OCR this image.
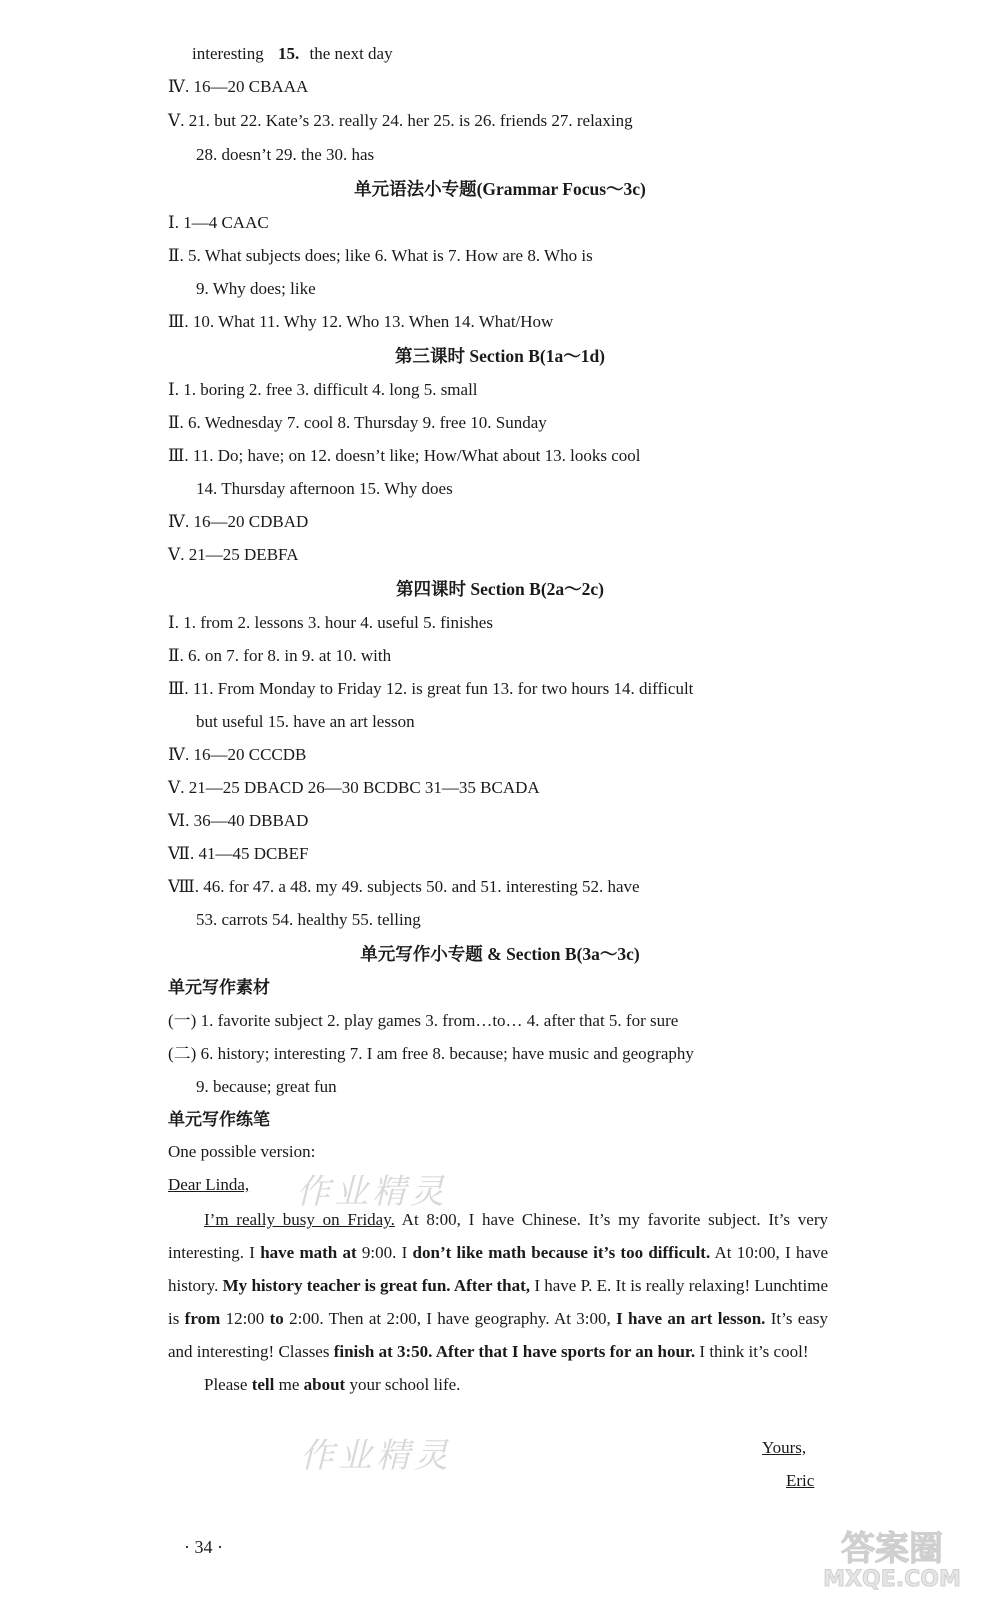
interesting 15. the next day
Ⅳ. 16—20 CBAAA
Ⅴ. 21. but 22. Kate’s 23. really 24. her 25. is 26. friends 27. relaxing
28. doesn’t 29. the 30. has
单元语法小专题(Grammar Focus～3c)
Ⅰ. 1—4 CAAC
Ⅱ. 5. What subjects does; like 6. What is 7. How are 8. Who is
9. Why does; like
Ⅲ. 10. What 11. Why 12. Who 13. When 14. What/How
第三课时 Section B(1a～1d)
Ⅰ. 1. boring 2. free 3. difficult 4. long 5. small
Ⅱ. 6. Wednesday 7. cool 8. Thursday 9. free 10. Sunday
Ⅲ. 11. Do; have; on 12. doesn’t like; How/What about 13. looks cool
14. Thursday afternoon 15. Why does
Ⅳ. 16—20 CDBAD
Ⅴ. 21—25 DEBFA
第四课时 Section B(2a～2c)
Ⅰ. 1. from 2. lessons 3. hour 4. useful 5. finishes
Ⅱ. 6. on 7. for 8. in 9. at 10. with
Ⅲ. 11. From Monday to Friday 12. is great fun 13. for two hours 14. difficult
but useful 15. have an art lesson
Ⅳ. 16—20 CCCDB
Ⅴ. 21—25 DBACD 26—30 BCDBC 31—35 BCADA
Ⅵ. 36—40 DBBAD
Ⅶ. 41—45 DCBEF
Ⅷ. 46. for 47. a 48. my 49. subjects 50. and 51. interesting 52. have
53. carrots 54. healthy 55. telling
单元写作小专题 & Section B(3a～3c)
单元写作素材
(一) 1. favorite subject 2. play games 3. from…to… 4. after that 5. for sure
(二) 6. history; interesting 7. I am free 8. because; have music and geography
9. because; great fun
单元写作练笔
One possible version:
Dear Linda,

I’m really busy on Friday. At 8:00, I have Chinese. It’s my favorite subject. It’s very interesting. I have math at 9:00. I don’t like math because it’s too difficult. At 10:00, I have history. My history teacher is great fun. After that, I have P. E. It is really relaxing! Lunchtime is from 12:00 to 2:00. Then at 2:00, I have geography. At 3:00, I have an art lesson. It’s easy and interesting! Classes finish at 3:50. After that I have sports for an hour. I think it’s cool!

Please tell me about your school life.

Yours,
Eric
作业精灵
作业精灵
· 34 ·	答案圈
MXQE.COM
